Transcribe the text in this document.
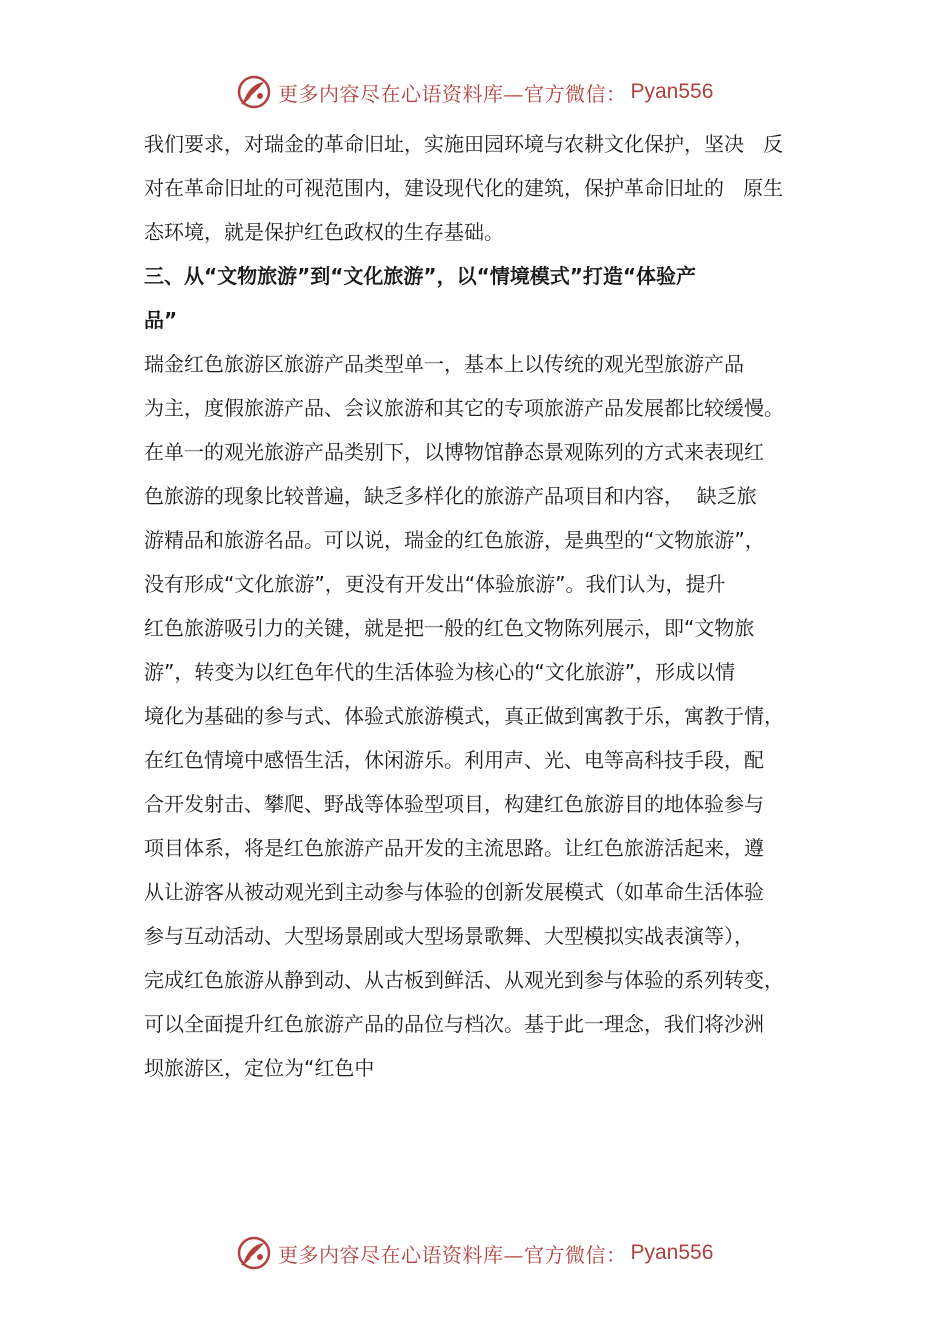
更多内容尽在心语资料库—官方微信： Pyan556
我们要求，对瑞金的革命旧址，实施田园环境与农耕文化保护，坚决   反
对在革命旧址的可视范围内，建设现代化的建筑，保护革命旧址的   原生
态环境，就是保护红色政权的生存基础。
三、从“文物旅游”到“文化旅游”，以“情境模式”打造“体验产
品”
瑞金红色旅游区旅游产品类型单一，基本上以传统的观光型旅游产品
为主，度假旅游产品、会议旅游和其它的专项旅游产品发展都比较缓慢。
在单一的观光旅游产品类别下，以博物馆静态景观陈列的方式来表现红
色旅游的现象比较普遍，缺乏多样化的旅游产品项目和内容，  缺乏旅
游精品和旅游名品。可以说，瑞金的红色旅游，是典型的“文物旅游”，
没有形成“文化旅游”，更没有开发出“体验旅游”。我们认为，提升
红色旅游吸引力的关键，就是把一般的红色文物陈列展示，即“文物旅
游”，转变为以红色年代的生活体验为核心的“文化旅游”，形成以情
境化为基础的参与式、体验式旅游模式，真正做到寓教于乐，寓教于情，
在红色情境中感悟生活，休闲游乐。利用声、光、电等高科技手段，配
合开发射击、攀爬、野战等体验型项目，构建红色旅游目的地体验参与
项目体系，将是红色旅游产品开发的主流思路。让红色旅游活起来，遵
从让游客从被动观光到主动参与体验的创新发展模式（如革命生活体验
参与互动活动、大型场景剧或大型场景歌舞、大型模拟实战表演等），
完成红色旅游从静到动、从古板到鲜活、从观光到参与体验的系列转变，
可以全面提升红色旅游产品的品位与档次。基于此一理念，我们将沙洲
坝旅游区，定位为“红色中
更多内容尽在心语资料库—官方微信： Pyan556
